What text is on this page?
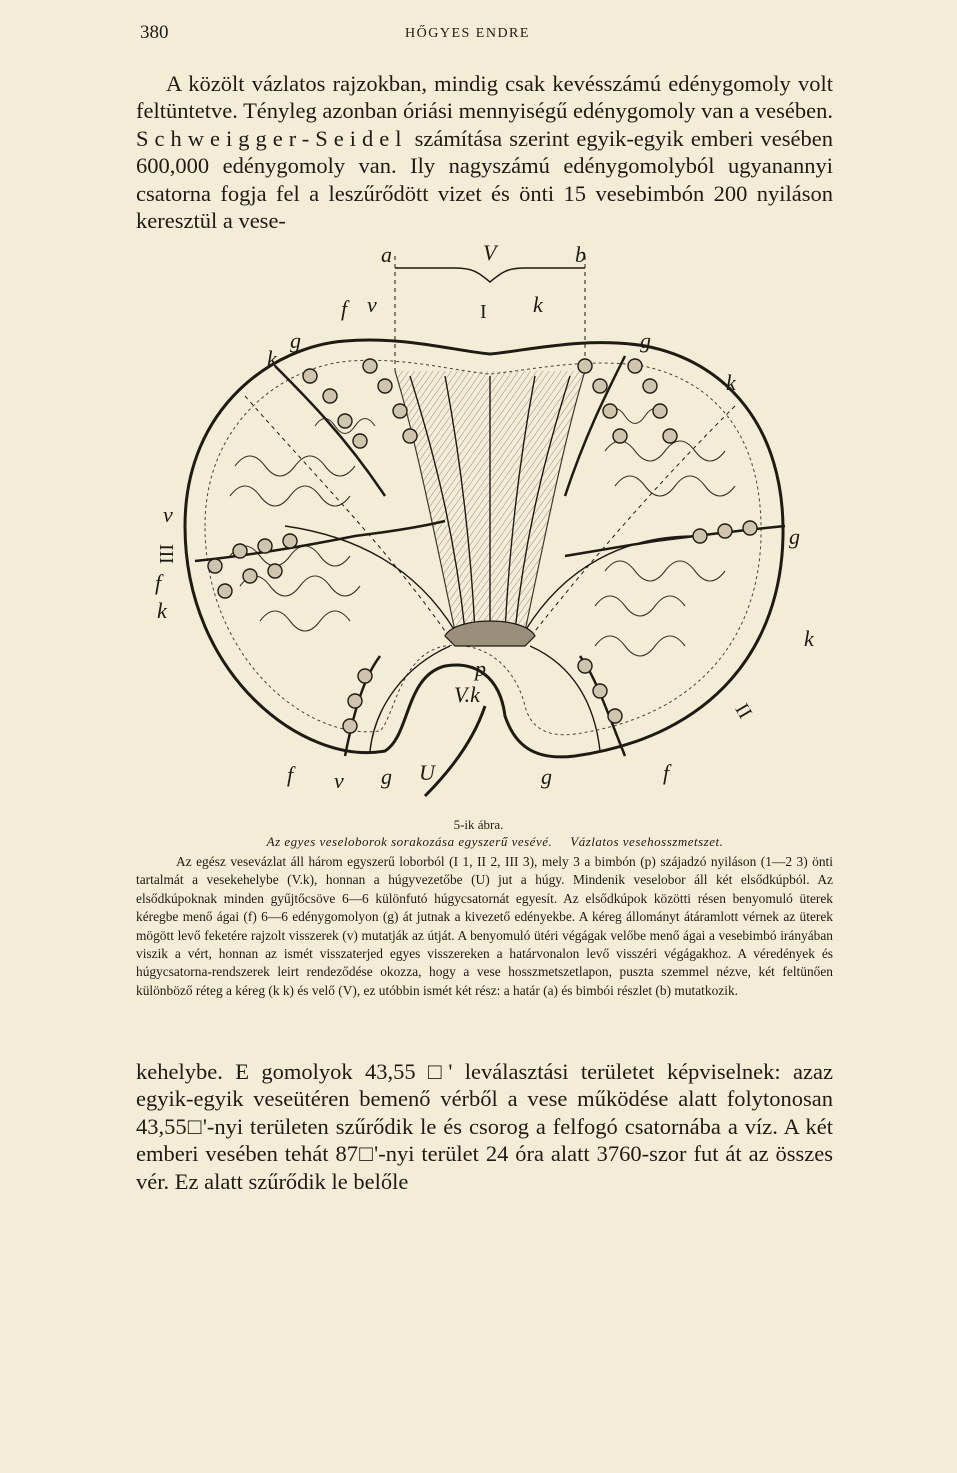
380	HŐGYES ENDRE

A közölt vázlatos rajzokban, mindig csak kevésszámú edénygomoly volt feltüntetve. Tényleg azonban óriási mennyiségű edénygomoly van a vesében. Schweigger-Seidel számítása szerint egyik-egyik emberi vesében 600,000 edénygomoly van. Ily nagyszámú edénygomolyból ugyanannyi csatorna fogja fel a leszűrődött vizet és önti 15 vesebimbón 200 nyiláson keresztül a vese-

a	V	b
I k
f v
g
k
g
k
v
III
f
k
g
k
p
V.k
f v g U	g	f
II
5-ik ábra.
Az egyes veseloborok sorakozása egyszerű vesévé. Vázlatos vesehosszmetszet.

Az egész vesevázlat áll három egyszerű loborból (I 1, II 2, III 3), mely 3 a bimbón (p) szájadzó nyiláson (1—2 3) önti tartalmát a vesekehelybe (V.k), honnan a húgyvezetőbe (U) jut a húgy. Mindenik veselobor áll két elsődkúpból. Az elsődkúpoknak minden gyűjtőcsöve 6—6 különfutó húgycsatornát egyesít. Az elsődkúpok közötti résen benyomuló üterek kéregbe menő ágai (f) 6—6 edénygomolyon (g) át jutnak a kivezető edényekbe. A kéreg állományt átáramlott vérnek az üterek mögött levő feketére rajzolt visszerek (v) mutatják az útját. A benyomuló ütéri végágak velőbe menő ágai a vesebimbó irányában viszik a vért, honnan az ismét visszaterjed egyes visszereken a határvonalon levő visszéri végágakhoz. A véredények és húgycsatorna-rendszerek leirt rendeződése okozza, hogy a vese hosszmetszetlapon, puszta szemmel nézve, két feltünően különböző réteg a kéreg (k k) és velő (V), ez utóbbin ismét két rész: a határ (a) és bimbói részlet (b) mutatkozik.

kehelybe. E gomolyok 43,55 □' leválasztási területet képviselnek: azaz egyik-egyik veseütéren bemenő vérből a vese működése alatt folytonosan 43,55□'-nyi területen szűrődik le és csorog a felfogó csatornába a víz. A két emberi vesében tehát 87□'-nyi terület 24 óra alatt 3760-szor fut át az összes vér. Ez alatt szűrődik le belőle
